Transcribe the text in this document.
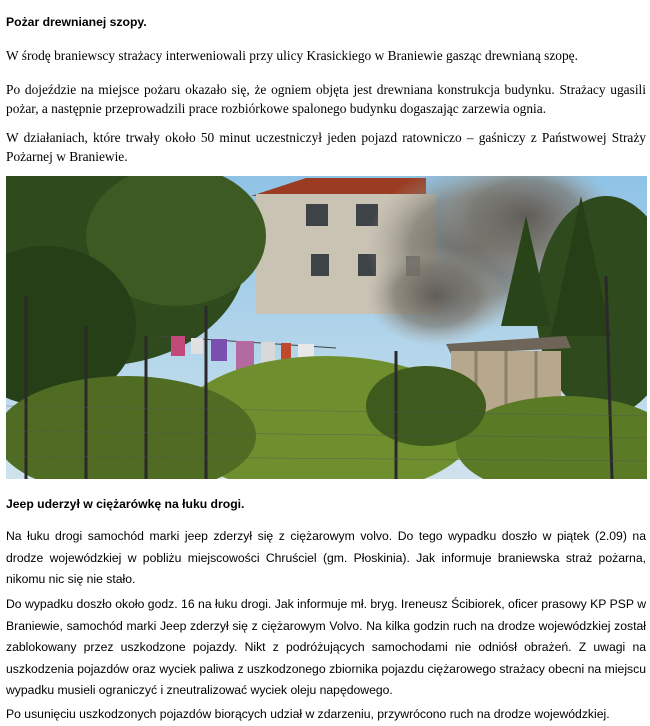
Pożar drewnianej szopy.

W środę braniewscy strażacy interweniowali przy ulicy Krasickiego w Braniewie gasząc drewnianą szopę.

Po dojeździe na miejsce pożaru okazało się, że ogniem objęta jest drewniana konstrukcja budynku. Strażacy ugasili pożar, a następnie przeprowadzili prace rozbiórkowe spalonego budynku dogaszając zarzewia ognia.

W działaniach, które trwały około 50 minut uczestniczył jeden pojazd ratowniczo – gaśniczy z Państwowej Straży Pożarnej w Braniewie.

Jeep uderzył w ciężarówkę na łuku drogi.

Na łuku drogi samochód marki jeep zderzył się z ciężarowym volvo. Do tego wypadku doszło w piątek (2.09) na drodze wojewódzkiej w pobliżu miejscowości Chruściel (gm. Płoskinia). Jak informuje braniewska straż pożarna, nikomu nic się nie stało.

Do wypadku doszło około godz. 16 na łuku drogi. Jak informuje mł. bryg. Ireneusz Ścibiorek, oficer prasowy KP PSP w Braniewie, samochód marki Jeep zderzył się z ciężarowym Volvo. Na kilka godzin ruch na drodze wojewódzkiej został zablokowany przez uszkodzone pojazdy. Nikt z podróżujących samochodami nie odniósł obrażeń. Z uwagi na uszkodzenia pojazdów oraz wyciek paliwa z uszkodzonego zbiornika pojazdu ciężarowego strażacy obecni na miejscu wypadku musieli ograniczyć i zneutralizować wyciek oleju napędowego.

Po usunięciu uszkodzonych pojazdów biorących udział w zdarzeniu, przywrócono ruch na drodze wojewódzkiej.
